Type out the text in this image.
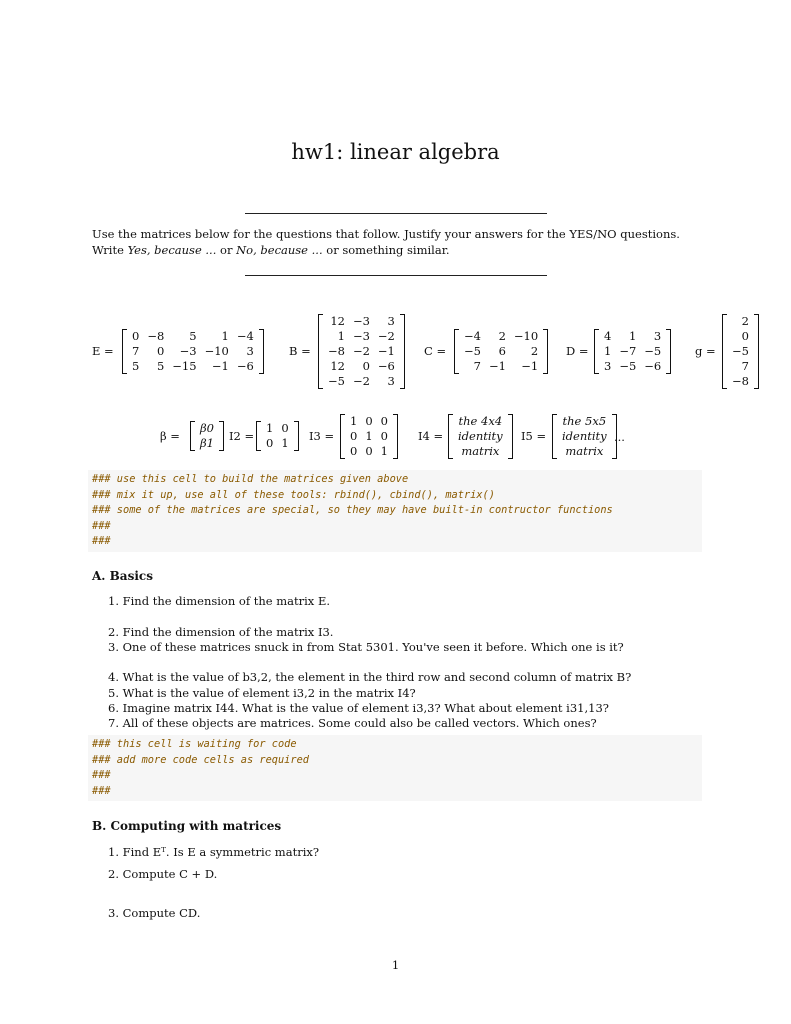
hw1: linear algebra

Use the matrices below for the questions that follow. Justify your answers for the YES/NO questions.

Write Yes, because ... or No, because ... or something similar.

E =
0	−8	5	1	−4
7	0	−3	−10	3
5	5	−15	−1	−6
B =
12	−3	3
1	−3	−2
−8	−2	−1
12	0	−6
−5	−2	3
C =
−4	2	−10
−5	6	2
7	−1	−1
D =
4	1	3
1	−7	−5
3	−5	−6
g =
2
0
−5
7
−8
β =
β0
β1 I2 =
1	0
0	1 I3 =
1	0	0
0	1	0
0	0	1
I4 =
the 4x4
identity
matrix
I5 =
the 5x5
identity
matrix
...
### use this cell to build the matrices given above
### mix it up, use all of these tools: rbind(), cbind(), matrix()
### some of the matrices are special, so they may have built-in contructor functions
###
###
A. Basics
1. Find the dimension of the matrix E.
2. Find the dimension of the matrix I3.
3. One of these matrices snuck in from Stat 5301. You've seen it before. Which one is it?
4. What is the value of b3,2, the element in the third row and second column of matrix B?
5. What is the value of element i3,2 in the matrix I4?
6. Imagine matrix I44. What is the value of element i3,3? What about element i31,13?
7. All of these objects are matrices. Some could also be called vectors. Which ones?
### this cell is waiting for code
### add more code cells as required
###
###
B. Computing with matrices
1. Find Eᵀ. Is E a symmetric matrix?
2. Compute C + D.
3. Compute CD.
1
